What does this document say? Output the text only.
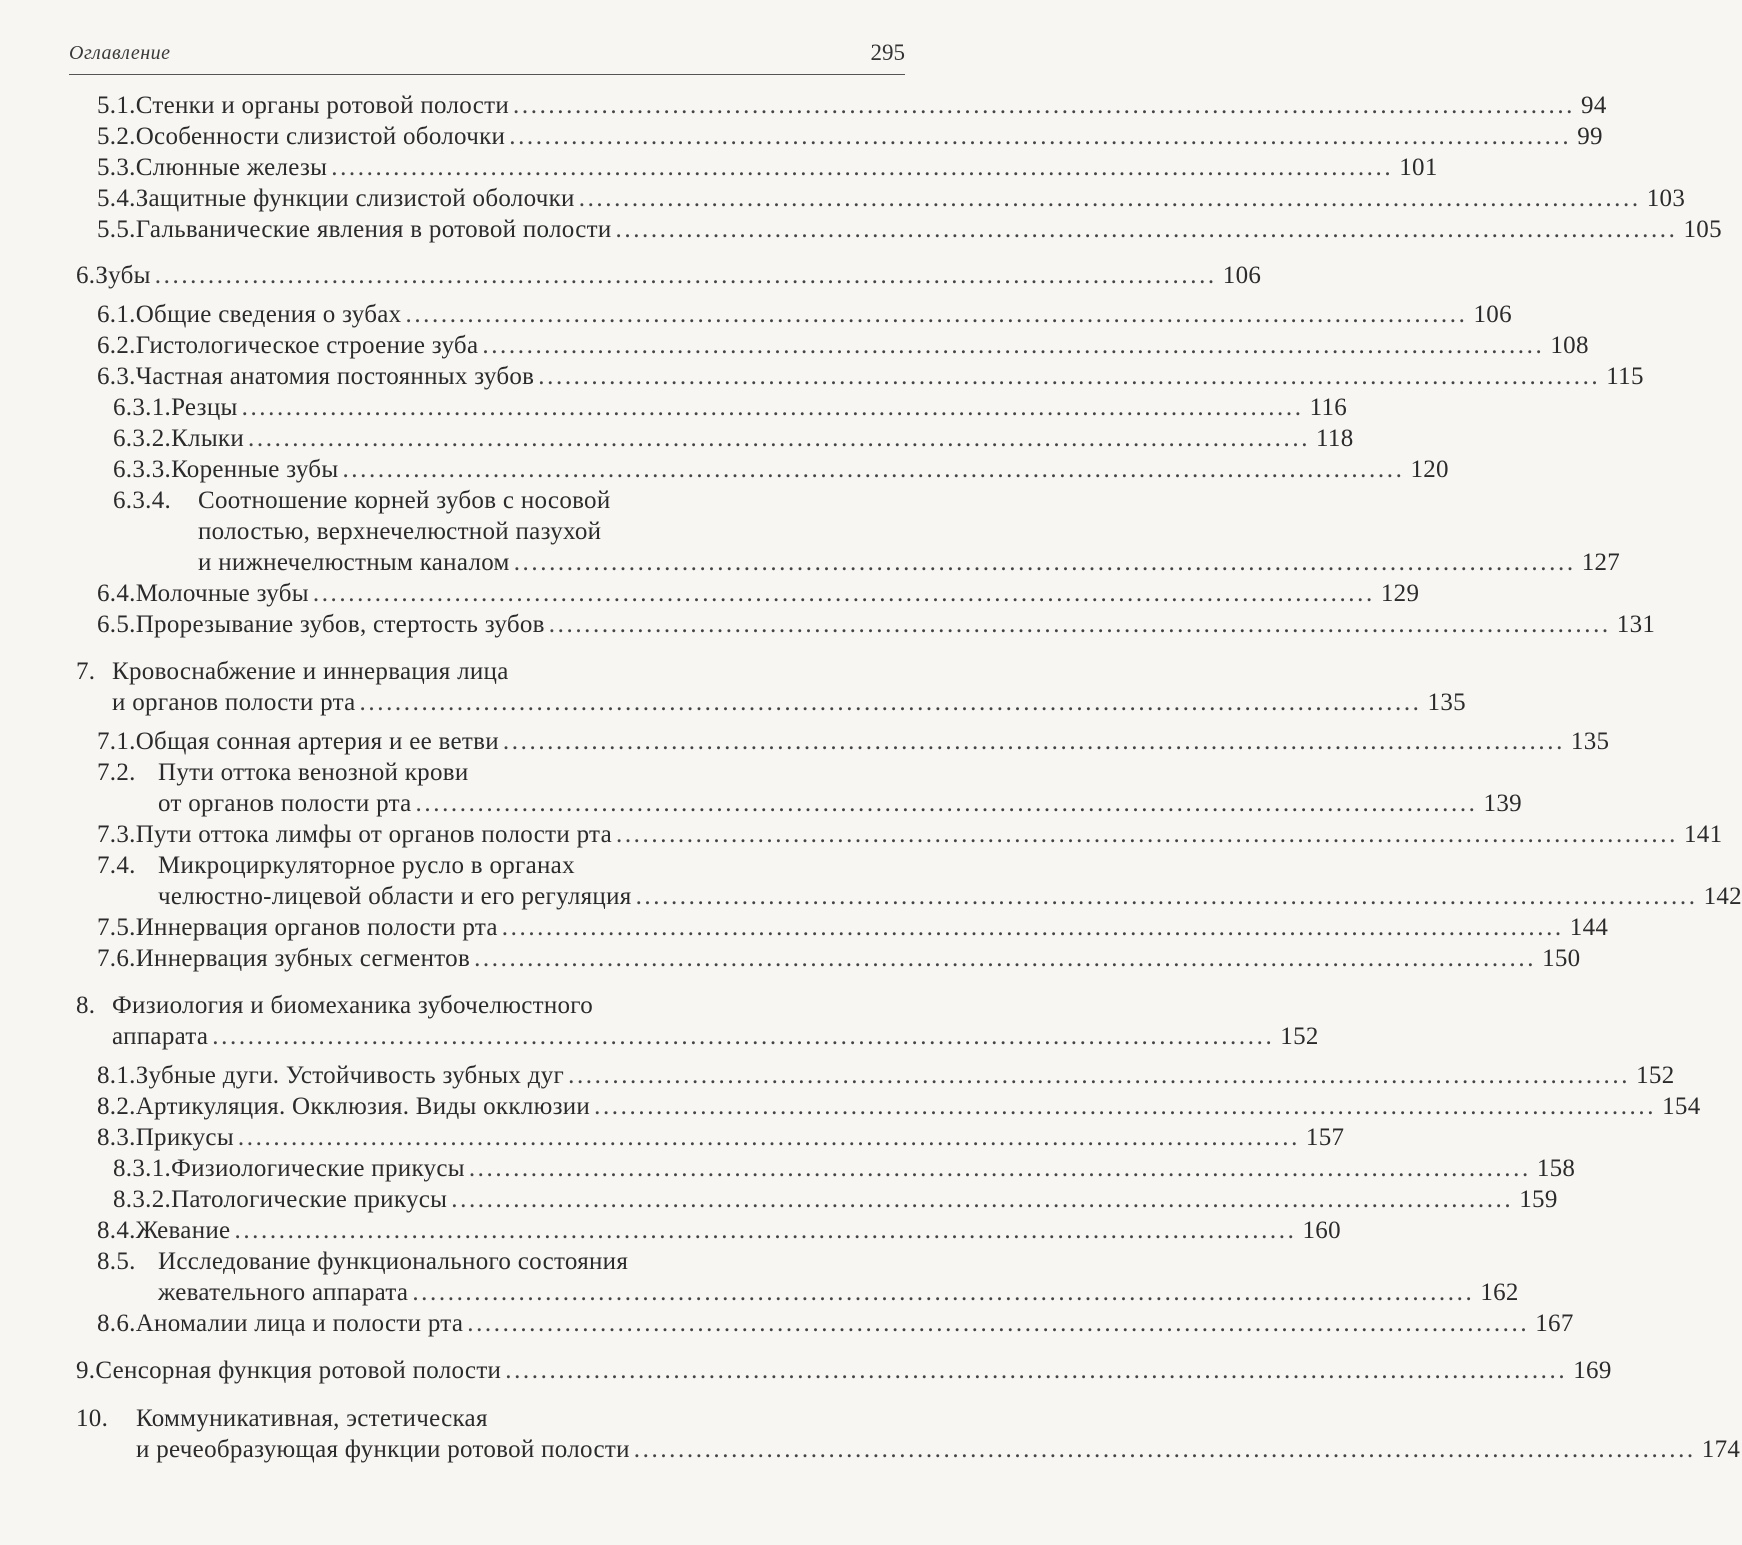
Оглавление	295
5.1. Стенки и органы ротовой полости ........................................................................................................................ 94
5.2. Особенности слизистой оболочки ........................................................................................................................ 99
5.3. Слюнные железы ........................................................................................................................ 101
5.4. Защитные функции слизистой оболочки ........................................................................................................................ 103
5.5. Гальванические явления в ротовой полости ........................................................................................................................ 105
6. Зубы ........................................................................................................................ 106
6.1. Общие сведения о зубах ........................................................................................................................ 106
6.2. Гистологическое строение зуба ........................................................................................................................ 108
6.3. Частная анатомия постоянных зубов ........................................................................................................................ 115
6.3.1. Резцы ........................................................................................................................ 116
6.3.2. Клыки ........................................................................................................................ 118
6.3.3. Коренные зубы ........................................................................................................................ 120
6.3.4. Соотношение корней зубов с носовой
полостью, верхнечелюстной пазухой
и нижнечелюстным каналом ........................................................................................................................ 127
6.4. Молочные зубы ........................................................................................................................ 129
6.5. Прорезывание зубов, стертость зубов ........................................................................................................................ 131
7. Кровоснабжение и иннервация лица
и органов полости рта ........................................................................................................................ 135
7.1. Общая сонная артерия и ее ветви ........................................................................................................................ 135
7.2. Пути оттока венозной крови
от органов полости рта ........................................................................................................................ 139
7.3. Пути оттока лимфы от органов полости рта ........................................................................................................................ 141
7.4. Микроциркуляторное русло в органах
челюстно-лицевой области и его регуляция ........................................................................................................................ 142
7.5. Иннервация органов полости рта ........................................................................................................................ 144
7.6. Иннервация зубных сегментов ........................................................................................................................ 150
8. Физиология и биомеханика зубочелюстного
аппарата ........................................................................................................................ 152
8.1. Зубные дуги. Устойчивость зубных дуг ........................................................................................................................ 152
8.2. Артикуляция. Окклюзия. Виды окклюзии ........................................................................................................................ 154
8.3. Прикусы ........................................................................................................................ 157
8.3.1. Физиологические прикусы ........................................................................................................................ 158
8.3.2. Патологические прикусы ........................................................................................................................ 159
8.4. Жевание ........................................................................................................................ 160
8.5. Исследование функционального состояния
жевательного аппарата ........................................................................................................................ 162
8.6. Аномалии лица и полости рта ........................................................................................................................ 167
9. Сенсорная функция ротовой полости ........................................................................................................................ 169
10. Коммуникативная, эстетическая
и речеобразующая функции ротовой полости ........................................................................................................................ 174
